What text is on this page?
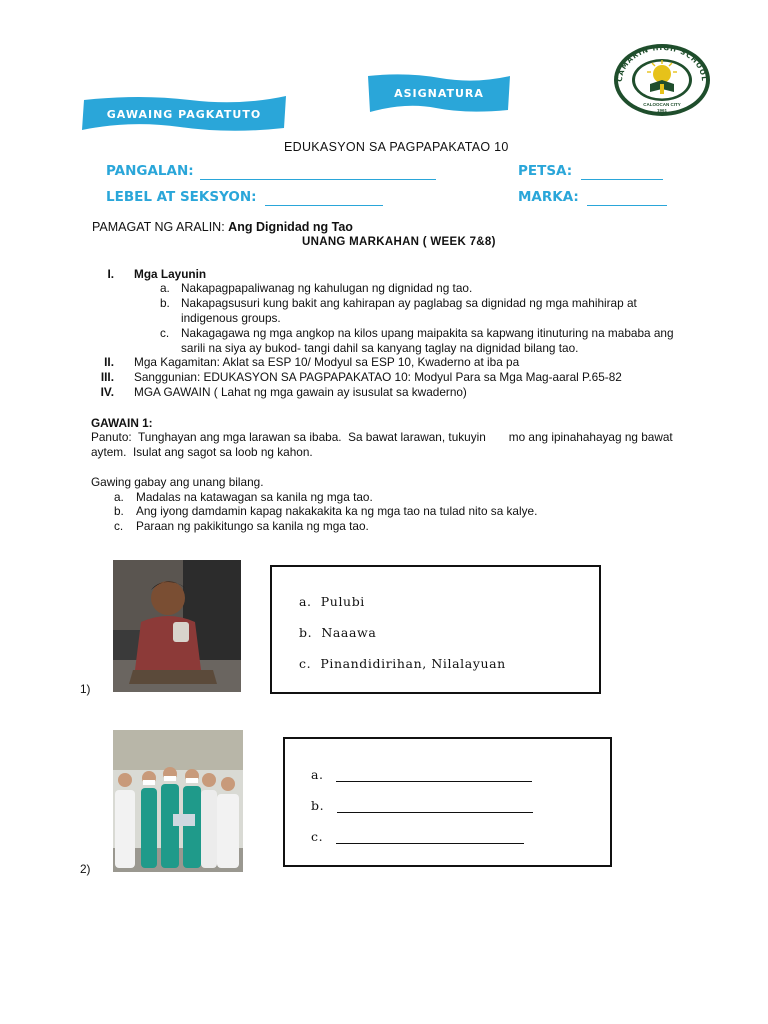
GAWAING PAGKATUTO
ASIGNATURA
CALOOCAN CITY
1961
CAMARIN HIGH SCHOOL
EDUKASYON SA PAGPAPAKATAO 10
PANGALAN:	PETSA:
LEBEL AT SEKSYON:	MARKA:
PAMAGAT NG ARALIN: Ang Dignidad ng Tao
UNANG MARKAHAN ( WEEK 7&8)
I. Mga Layunin
a. Nakapagpapaliwanag ng kahulugan ng dignidad ng tao.
b. Nakapagsusuri kung bakit ang kahirapan ay paglabag sa dignidad ng mga mahihirap at
indigenous groups.
c.	Nakagagawa ng mga angkop na kilos upang maipakita sa kapwang itinuturing na mababa ang
sarili na siya ay bukod- tangi dahil sa kanyang taglay na dignidad bilang tao.
II. Mga Kagamitan: Aklat sa ESP 10/ Modyul sa ESP 10, Kwaderno at iba pa
III. Sanggunian: EDUKASYON SA PAGPAPAKATAO 10: Modyul Para sa Mga Mag-aaral P.65-82
IV. MGA GAWAIN ( Lahat ng mga gawain ay isusulat sa kwaderno)
GAWAIN 1:
Panuto:  Tunghayan ang mga larawan sa ibaba.  Sa bawat larawan, tukuyin       mo ang ipinahahayag ng bawat
aytem.  Isulat ang sagot sa loob ng kahon.
Gawing gabay ang unang bilang.
a.	Madalas na katawagan sa kanila ng mga tao.
b.	Ang iyong damdamin kapag nakakakita ka ng mga tao na tulad nito sa kalye.
c.	Paraan ng pakikitungo sa kanila ng mga tao.
1)
a. Pulubi
b. Naaawa
c. Pinandidirihan, Nilalayuan
2)
a.
b.
c.
